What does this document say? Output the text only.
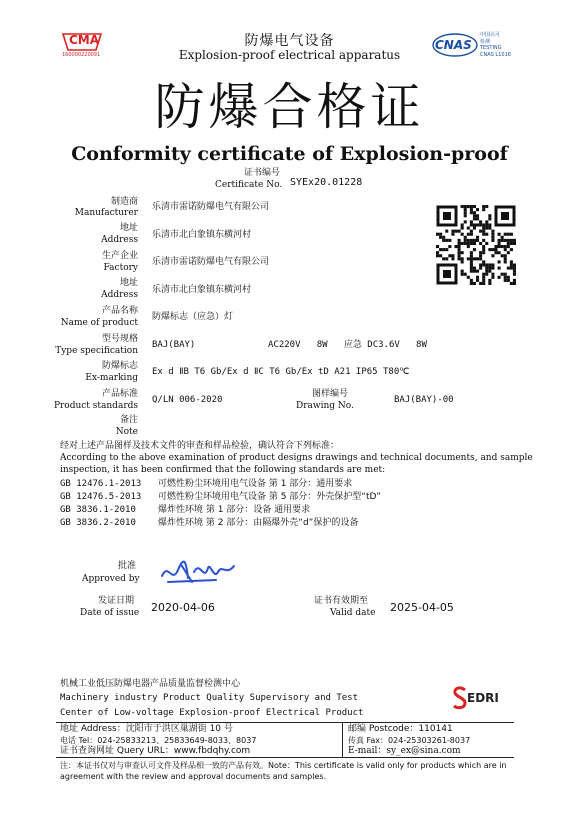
CMA
160000220091
防爆电气设备
Explosion-proof electrical apparatus
CNAS
中国认可
检测
TESTING
CNAS L1016
防爆合格证
Conformity certificate of Explosion-proof
证书编号
Certificate No. SYEx20.01228
制造商
Manufacturer
乐清市雷诺防爆电气有限公司
地址
Address 乐清市北白象镇东横河村
生产企业
Factory
乐清市雷诺防爆电气有限公司
地址
Address 乐清市北白象镇东横河村
产品名称
Name of product
防爆标志（应急）灯
型号规格
Type specification
BAJ(BAY)	AC220V   8W   应急 DC3.6V   8W
防爆标志
Ex-marking
Ex d ⅡB T6 Gb/Ex d ⅡC T6 Gb/Ex tD A21 IP65 T80℃
产品标准
Product standards
Q/LN 006-2020
图样编号
Drawing No.
BAJ(BAY)-00
备注
Note
经对上述产品图样及技术文件的审查和样品检验，确认符合下列标准：
According to the above examination of product designs drawings and technical documents, and sample
inspection, it has been confirmed that the following standards are met:
GB 12476.1-2013 可燃性粉尘环境用电气设备 第 1 部分：通用要求
GB 12476.5-2013 可燃性粉尘环境用电气设备 第 5 部分：外壳保护型“tD”
GB 3836.1-2010 爆炸性环境 第 1 部分：设备 通用要求
GB 3836.2-2010 爆炸性环境 第 2 部分：由隔爆外壳“d”保护的设备
批准
Approved by
发证日期
Date of issue 2020-04-06	证书有效期至
Valid date 2025-04-05
机械工业低压防爆电器产品质量监督检测中心
Machinery industry Product Quality Supervisory and Test
Center of Low-voltage Explosion-proof Electrical Product
EDRI
地址 Address：沈阳市于洪区巢湖街 10 号	邮编 Postcode：110141
电话 Tel：024-25833213、25833649-8033、8037	传真 Fax：024-25303261-8037
证书查询网址 Query URL：www.fbdqhy.com	E-mail：sy_ex@sina.com
注：本证书仅对与审查认可文件及样品相一致的产品有效。Note：This certificate is valid only for products which are in
agreement with the review and approval documents and samples.
